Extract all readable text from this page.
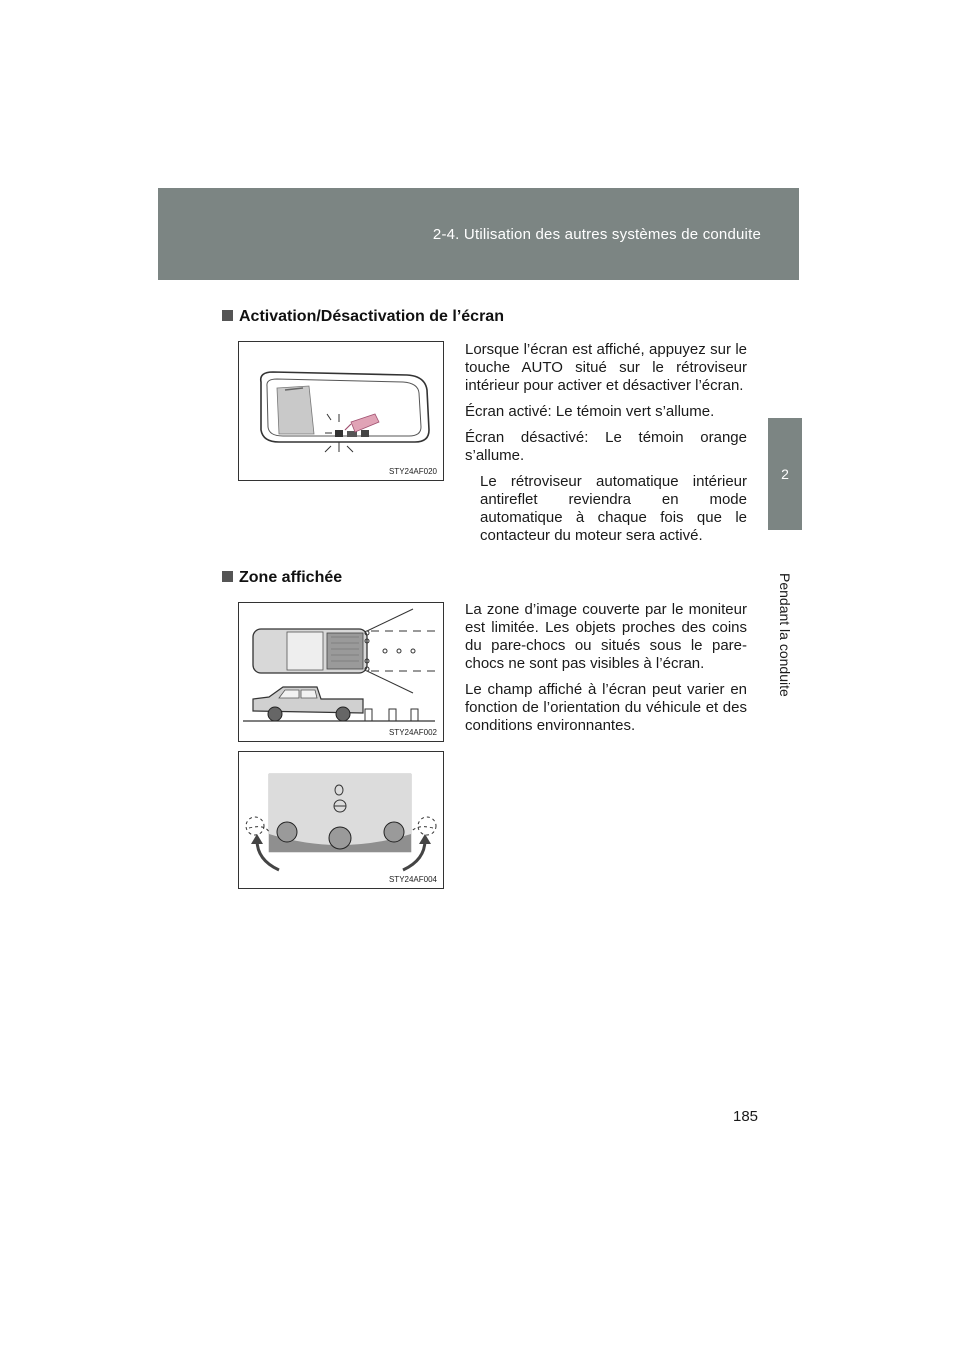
2-4. Utilisation des autres systèmes de conduite
2
Pendant la conduite
Activation/Désactivation de l’écran
STY24AF020

Lorsque l’écran est affiché, appuyez sur le touche AUTO situé sur le rétroviseur intérieur pour activer et désactiver l’écran.

Écran activé: Le témoin vert s’allume.

Écran désactivé: Le témoin orange s’allume.

Le rétroviseur automatique intérieur antireflet reviendra en mode automatique à chaque fois que le contacteur du moteur sera activé.

Zone affichée
STY24AF002

La zone d’image couverte par le moniteur est limitée. Les objets proches des coins du pare-chocs ou situés sous le pare-chocs ne sont pas visibles à l’écran.

Le champ affiché à l’écran peut varier en fonction de l’orientation du véhicule et des conditions environnantes.

STY24AF004
185
